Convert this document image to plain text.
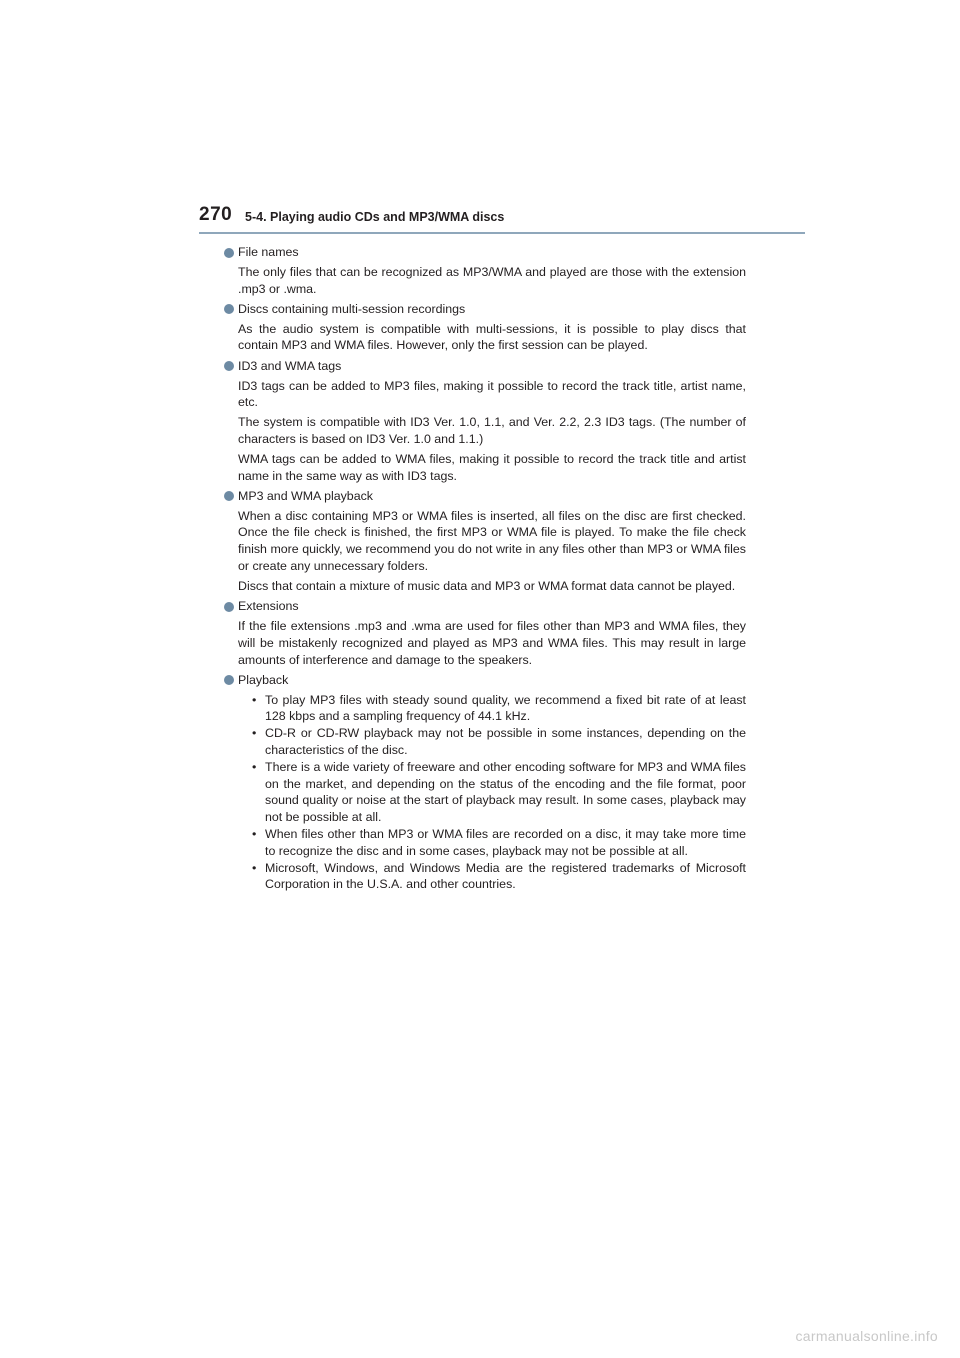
270 5-4. Playing audio CDs and MP3/WMA discs

File names

The only files that can be recognized as MP3/WMA and played are those with the extension .mp3 or .wma.

Discs containing multi-session recordings

As the audio system is compatible with multi-sessions, it is possible to play discs that contain MP3 and WMA files. However, only the first session can be played.

ID3 and WMA tags

ID3 tags can be added to MP3 files, making it possible to record the track title, artist name, etc.

The system is compatible with ID3 Ver. 1.0, 1.1, and Ver. 2.2, 2.3 ID3 tags. (The number of characters is based on ID3 Ver. 1.0 and 1.1.)

WMA tags can be added to WMA files, making it possible to record the track title and artist name in the same way as with ID3 tags.

MP3 and WMA playback

When a disc containing MP3 or WMA files is inserted, all files on the disc are first checked. Once the file check is finished, the first MP3 or WMA file is played. To make the file check finish more quickly, we recommend you do not write in any files other than MP3 or WMA files or create any unnecessary folders.

Discs that contain a mixture of music data and MP3 or WMA format data cannot be played.

Extensions

If the file extensions .mp3 and .wma are used for files other than MP3 and WMA files, they will be mistakenly recognized and played as MP3 and WMA files. This may result in large amounts of interference and damage to the speakers.

Playback

• To play MP3 files with steady sound quality, we recommend a fixed bit rate of at least 128 kbps and a sampling frequency of 44.1 kHz.
• CD-R or CD-RW playback may not be possible in some instances, depending on the characteristics of the disc.
• There is a wide variety of freeware and other encoding software for MP3 and WMA files on the market, and depending on the status of the encoding and the file format, poor sound quality or noise at the start of playback may result. In some cases, playback may not be possible at all.
• When files other than MP3 or WMA files are recorded on a disc, it may take more time to recognize the disc and in some cases, playback may not be possible at all.
• Microsoft, Windows, and Windows Media are the registered trademarks of Microsoft Corporation in the U.S.A. and other countries.
carmanualsonline.info
